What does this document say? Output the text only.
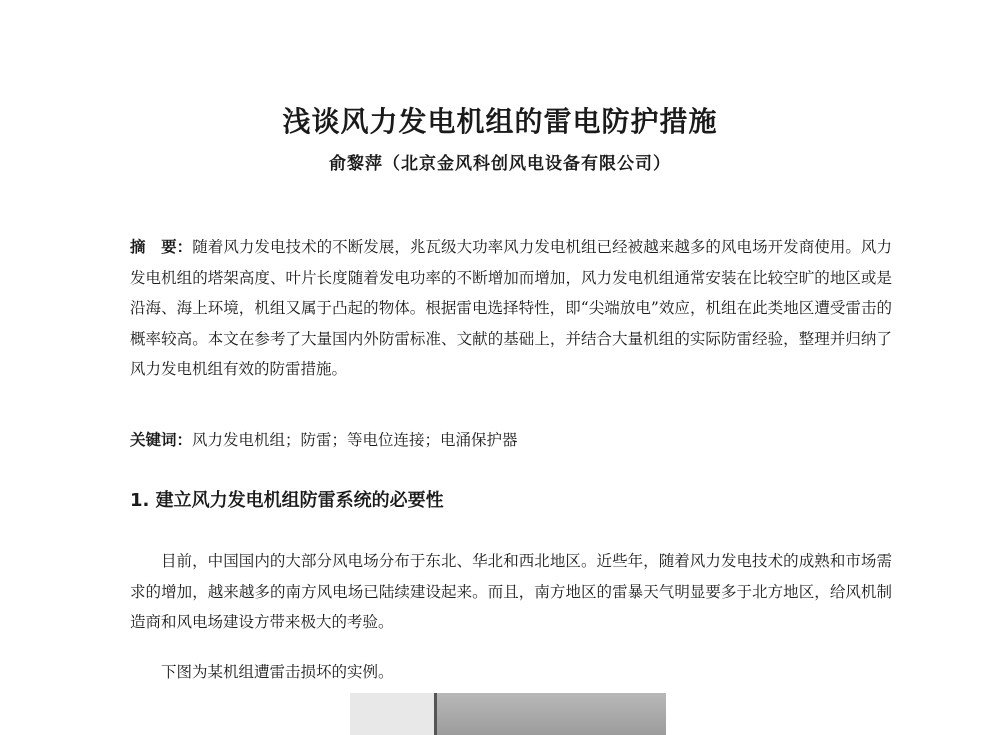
浅谈风力发电机组的雷电防护措施
俞黎萍（北京金风科创风电设备有限公司）
摘　要：随着风力发电技术的不断发展，兆瓦级大功率风力发电机组已经被越来越多的风电场开发商使用。风力发电机组的塔架高度、叶片长度随着发电功率的不断增加而增加，风力发电机组通常安装在比较空旷的地区或是沿海、海上环境，机组又属于凸起的物体。根据雷电选择特性，即“尖端放电”效应，机组在此类地区遭受雷击的概率较高。本文在参考了大量国内外防雷标准、文献的基础上，并结合大量机组的实际防雷经验，整理并归纳了风力发电机组有效的防雷措施。
关键词：风力发电机组；防雷；等电位连接；电涌保护器
1. 建立风力发电机组防雷系统的必要性
目前，中国国内的大部分风电场分布于东北、华北和西北地区。近些年，随着风力发电技术的成熟和市场需求的增加，越来越多的南方风电场已陆续建设起来。而且，南方地区的雷暴天气明显要多于北方地区，给风机制造商和风电场建设方带来极大的考验。
下图为某机组遭雷击损坏的实例。
